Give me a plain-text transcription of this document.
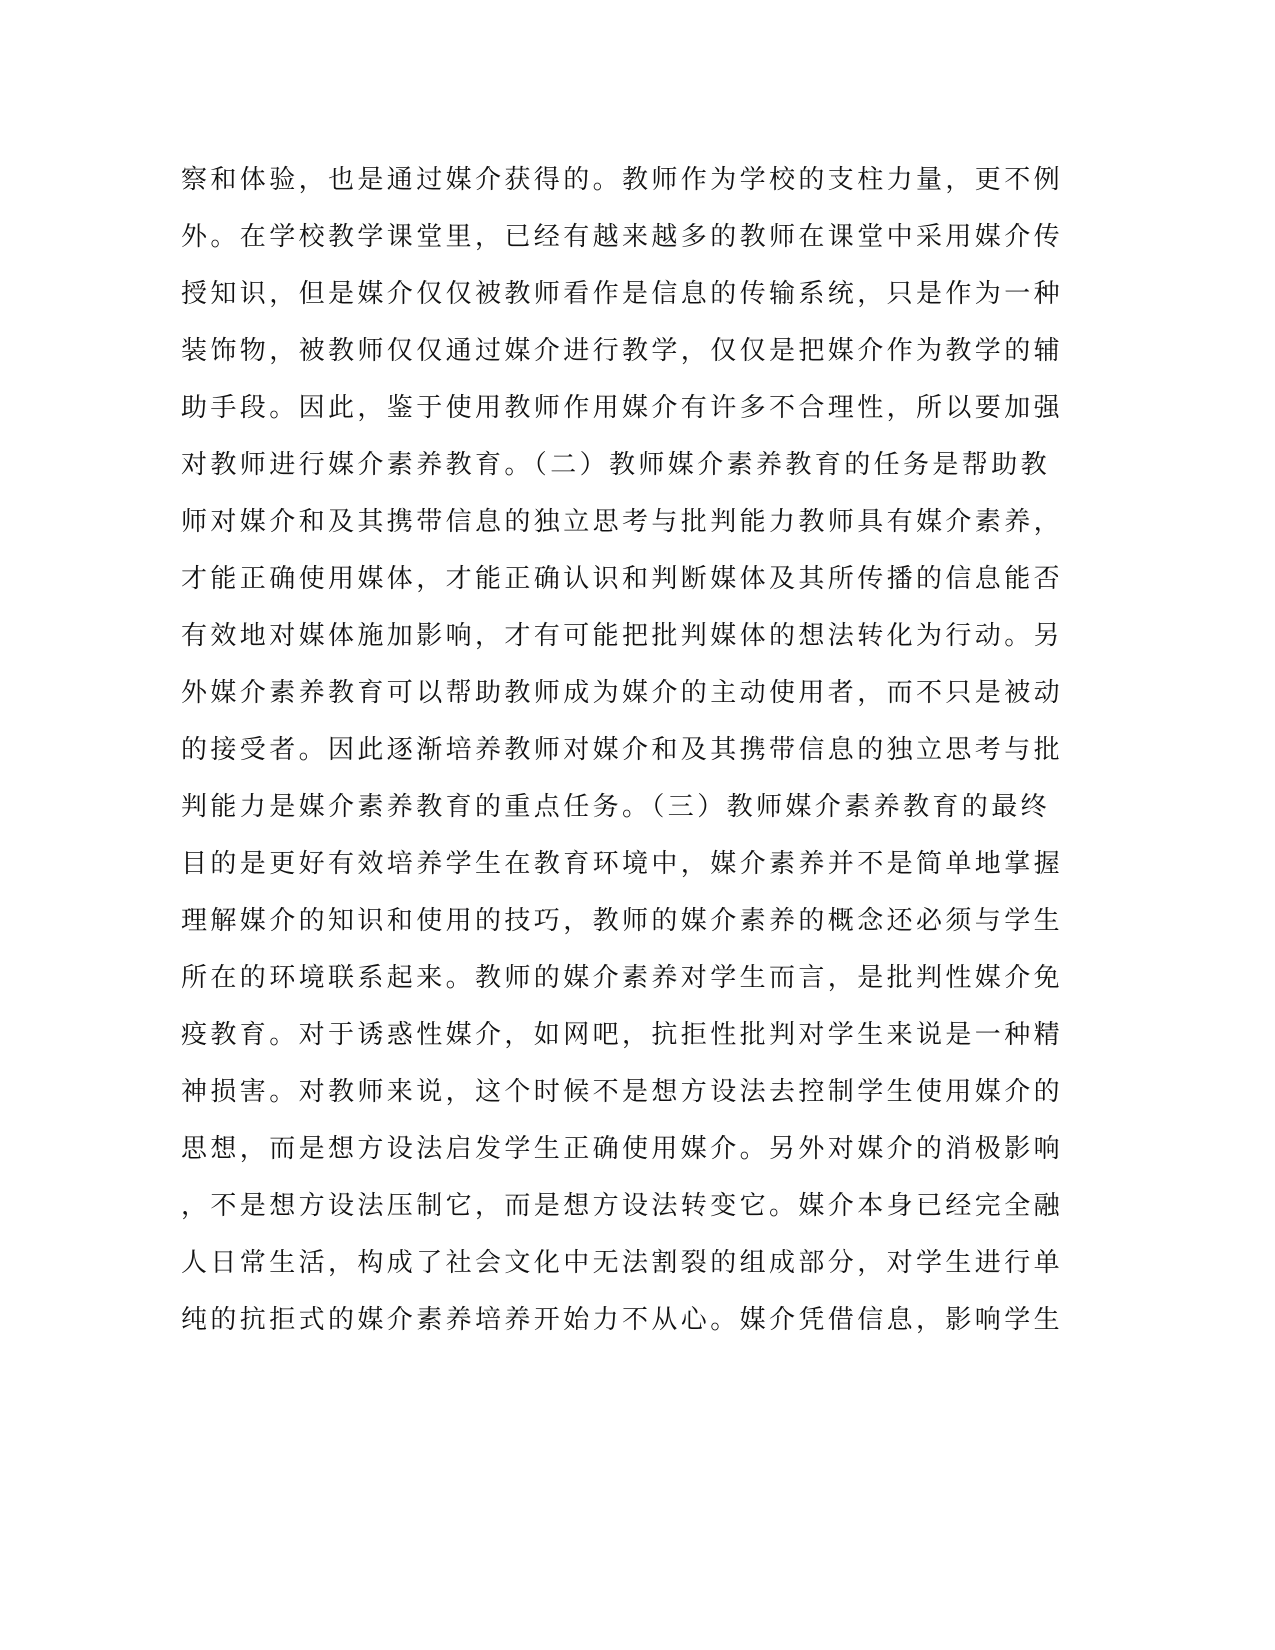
察和体验，也是通过媒介获得的。教师作为学校的支柱力量，更不例
外。在学校教学课堂里，已经有越来越多的教师在课堂中采用媒介传
授知识，但是媒介仅仅被教师看作是信息的传输系统，只是作为一种
装饰物，被教师仅仅通过媒介进行教学，仅仅是把媒介作为教学的辅
助手段。因此，鉴于使用教师作用媒介有许多不合理性，所以要加强
对教师进行媒介素养教育。（二）教师媒介素养教育的任务是帮助教
师对媒介和及其携带信息的独立思考与批判能力教师具有媒介素养，
才能正确使用媒体，才能正确认识和判断媒体及其所传播的信息能否
有效地对媒体施加影响，才有可能把批判媒体的想法转化为行动。另
外媒介素养教育可以帮助教师成为媒介的主动使用者，而不只是被动
的接受者。因此逐渐培养教师对媒介和及其携带信息的独立思考与批
判能力是媒介素养教育的重点任务。（三）教师媒介素养教育的最终
目的是更好有效培养学生在教育环境中，媒介素养并不是简单地掌握
理解媒介的知识和使用的技巧，教师的媒介素养的概念还必须与学生
所在的环境联系起来。教师的媒介素养对学生而言，是批判性媒介免
疫教育。对于诱惑性媒介，如网吧，抗拒性批判对学生来说是一种精
神损害。对教师来说，这个时候不是想方设法去控制学生使用媒介的
思想，而是想方设法启发学生正确使用媒介。另外对媒介的消极影响
，不是想方设法压制它，而是想方设法转变它。媒介本身已经完全融
人日常生活，构成了社会文化中无法割裂的组成部分，对学生进行单
纯的抗拒式的媒介素养培养开始力不从心。媒介凭借信息，影响学生
